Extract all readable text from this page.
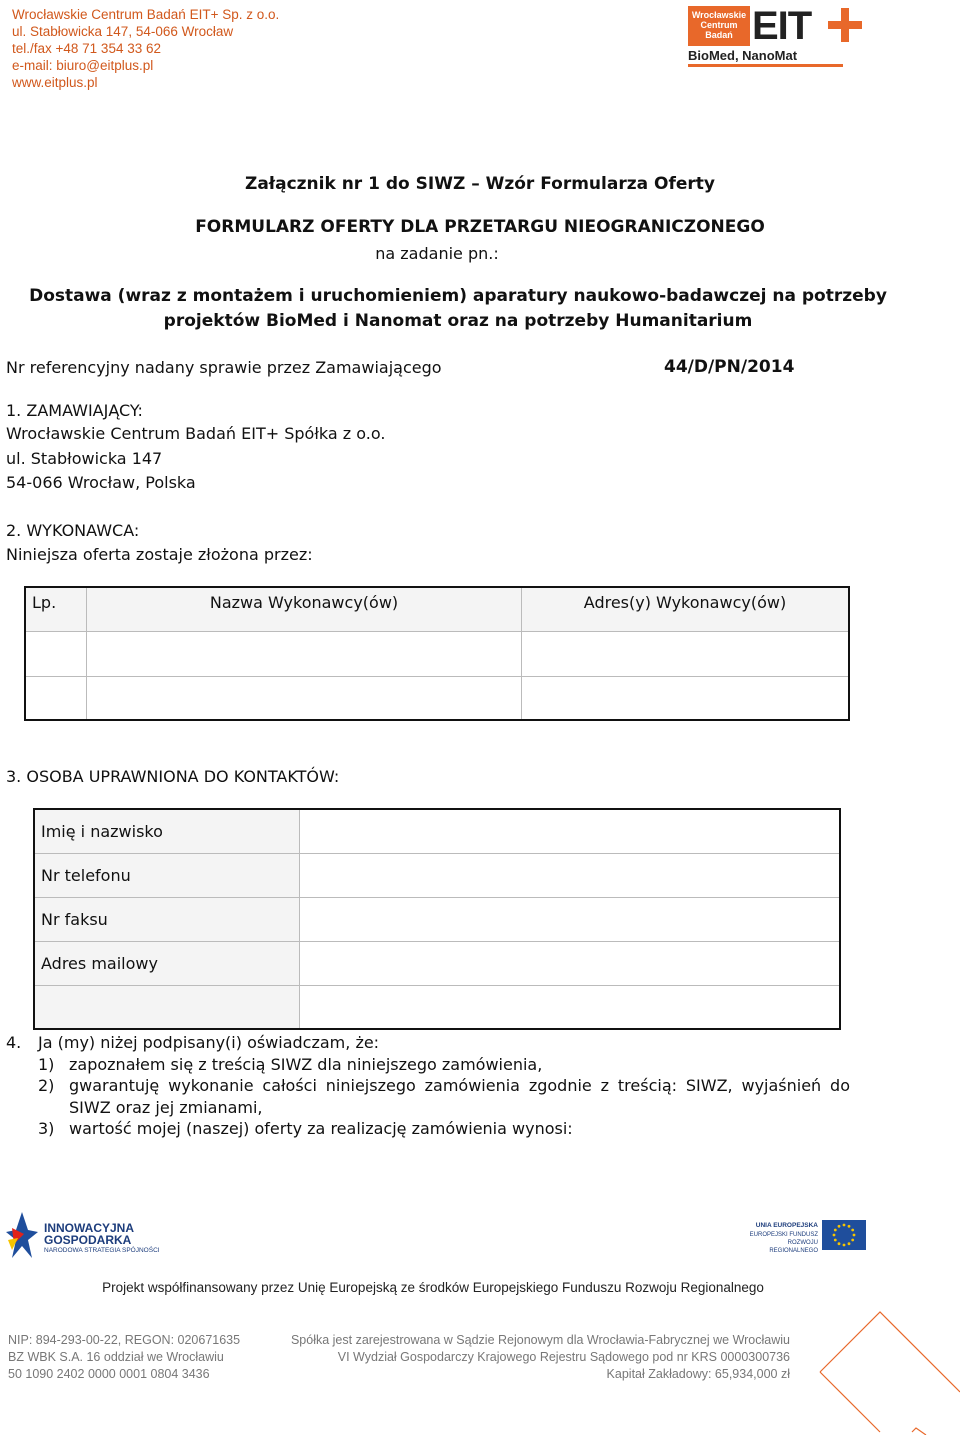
Wrocławskie Centrum Badań EIT+ Sp. z o.o.
ul. Stabłowicka 147, 54-066 Wrocław
tel./fax +48 71 354 33 62
e-mail: biuro@eitplus.pl
www.eitplus.pl
Wrocławskie
Centrum
Badań EIT
BioMed, NanoMat
Załącznik nr 1 do SIWZ – Wzór Formularza Oferty
FORMULARZ OFERTY DLA PRZETARGU NIEOGRANICZONEGO
na zadanie pn.:
Dostawa (wraz z montażem i uruchomieniem) aparatury naukowo-badawczej na potrzeby
projektów BioMed i Nanomat oraz na potrzeby Humanitarium
Nr referencyjny nadany sprawie przez Zamawiającego	44/D/PN/2014
1. ZAMAWIAJĄCY:
Wrocławskie Centrum Badań EIT+ Spółka z o.o.
ul. Stabłowicka 147
54-066 Wrocław, Polska
2. WYKONAWCA:
Niniejsza oferta zostaje złożona przez:
Lp.	Nazwa Wykonawcy(ów)	Adres(y) Wykonawcy(ów)

3. OSOBA UPRAWNIONA DO KONTAKTÓW:
Imię i nazwisko	
Nr telefonu	
Nr faksu	
Adres mailowy	

4. Ja (my) niżej podpisany(i) oświadczam, że:
1) zapoznałem się z treścią SIWZ dla niniejszego zamówienia,
2) gwarantuję wykonanie całości niniejszego zamówienia zgodnie z treścią: SIWZ, wyjaśnień do
SIWZ oraz jej zmianami,
3) wartość mojej (naszej) oferty za realizację zamówienia wynosi:
INNOWACYJNA
GOSPODARKA
NARODOWA STRATEGIA SPÓJNOŚCI
UNIA EUROPEJSKA
EUROPEJSKI FUNDUSZ
ROZWOJU REGIONALNEGO
Projekt współfinansowany przez Unię Europejską ze środków Europejskiego Funduszu Rozwoju Regionalnego
NIP: 894-293-00-22, REGON: 020671635
BZ WBK S.A. 16 oddział we Wrocławiu
50 1090 2402 0000 0001 0804 3436
Spółka jest zarejestrowana w Sądzie Rejonowym dla Wrocławia-Fabrycznej we Wrocławiu
VI Wydział Gospodarczy Krajowego Rejestru Sądowego pod nr KRS 0000300736
Kapitał Zakładowy: 65,934,000 zł
